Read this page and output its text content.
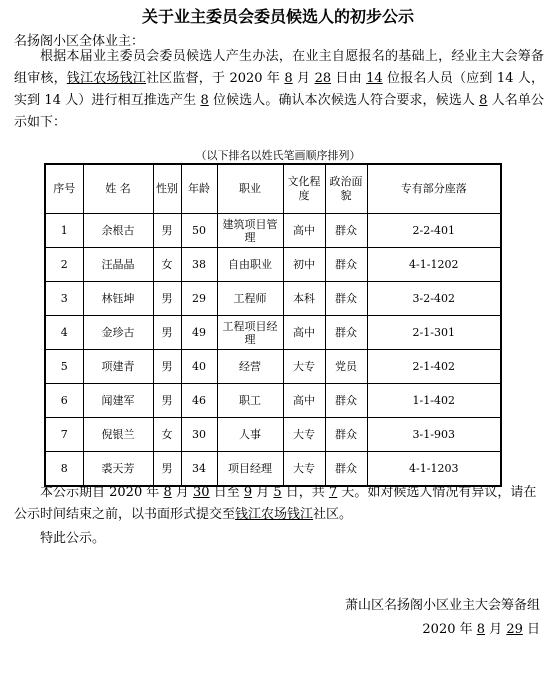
关于业主委员会委员候选人的初步公示
名扬阁小区全体业主：
根据本届业主委员会委员候选人产生办法，在业主自愿报名的基础上，经业主大会筹备组审核，钱江农场钱江社区监督，于 2020 年 8 月 28 日由 14 位报名人员（应到 14 人，实到 14 人）进行相互推选产生 8 位候选人。确认本次候选人符合要求，候选人 8 人名单公示如下：
（以下排名以姓氏笔画顺序排列）
序号	姓 名	性别	年龄	职业	文化程度	政治面貌	专有部分座落
1	余根古	男	50	建筑项目管理	高中	群众	2-2-401
2	汪晶晶	女	38	自由职业	初中	群众	4-1-1202
3	林钰坤	男	29	工程师	本科	群众	3-2-402
4	金珍古	男	49	工程项目经理	高中	群众	2-1-301
5	项建青	男	40	经营	大专	党员	2-1-402
6	闻建军	男	46	职工	高中	群众	1-1-402
7	倪银兰	女	30	人事	大专	群众	3-1-903
8	裘天芳	男	34	项目经理	大专	群众	4-1-1203
本公示期自 2020 年 8 月 30 日至 9 月 5 日，共 7 天。如对候选人情况有异议，请在公示时间结束之前，以书面形式提交至钱江农场钱江社区。
特此公示。
萧山区名扬阁小区业主大会筹备组
2020 年 8 月 29 日
